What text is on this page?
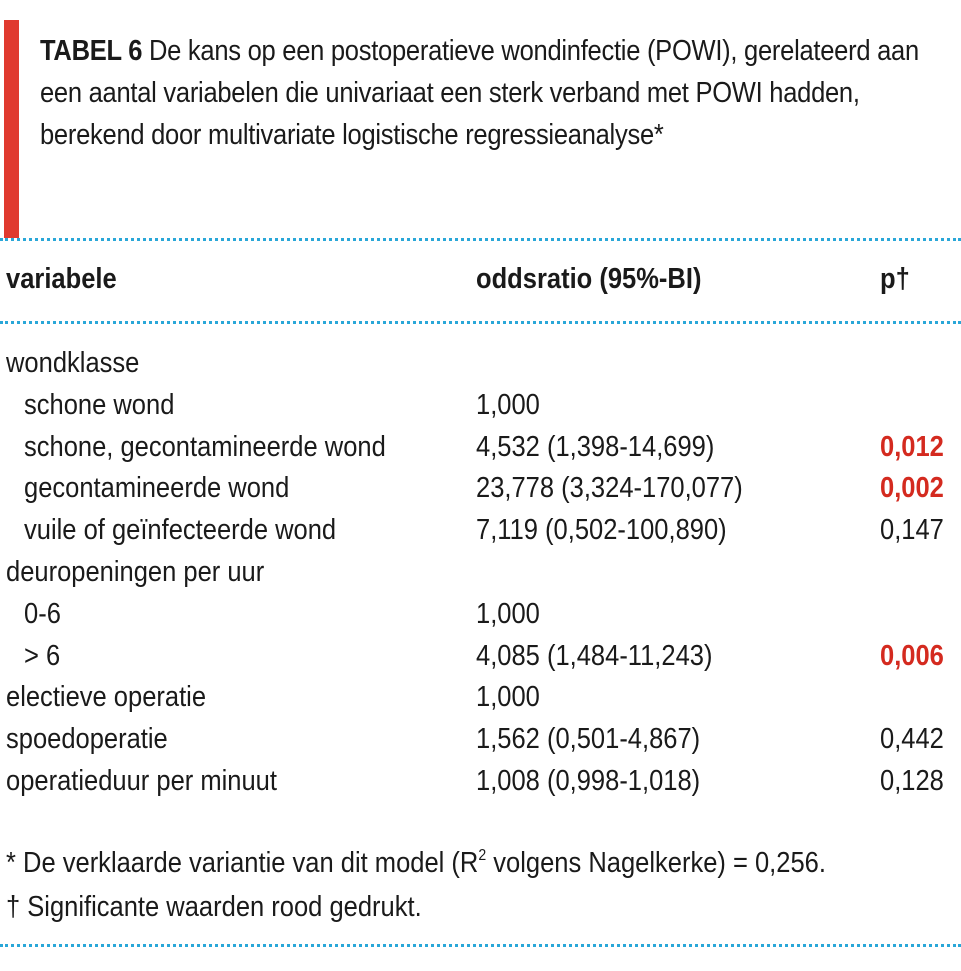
TABEL 6 De kans op een postoperatieve wondinfectie (POWI), gerelateerd aan een aantal variabelen die univariaat een sterk verband met POWI hadden, berekend door multivariate logistische regressieanalyse*
variabele	oddsratio (95%-BI)	p†
wondklasse
schone wond	1,000
schone, gecontamineerde wond	4,532 (1,398-14,699)	0,012
gecontamineerde wond	23,778 (3,324-170,077)	0,002
vuile of geïnfecteerde wond	7,119 (0,502-100,890)	0,147
deuropeningen per uur
0-6	1,000
> 6	4,085 (1,484-11,243)	0,006
electieve operatie	1,000
spoedoperatie	1,562 (0,501-4,867)	0,442
operatieduur per minuut	1,008 (0,998-1,018)	0,128
* De verklaarde variantie van dit model ($R^2$ volgens Nagelkerke) = 0,256.
† Significante waarden rood gedrukt.
